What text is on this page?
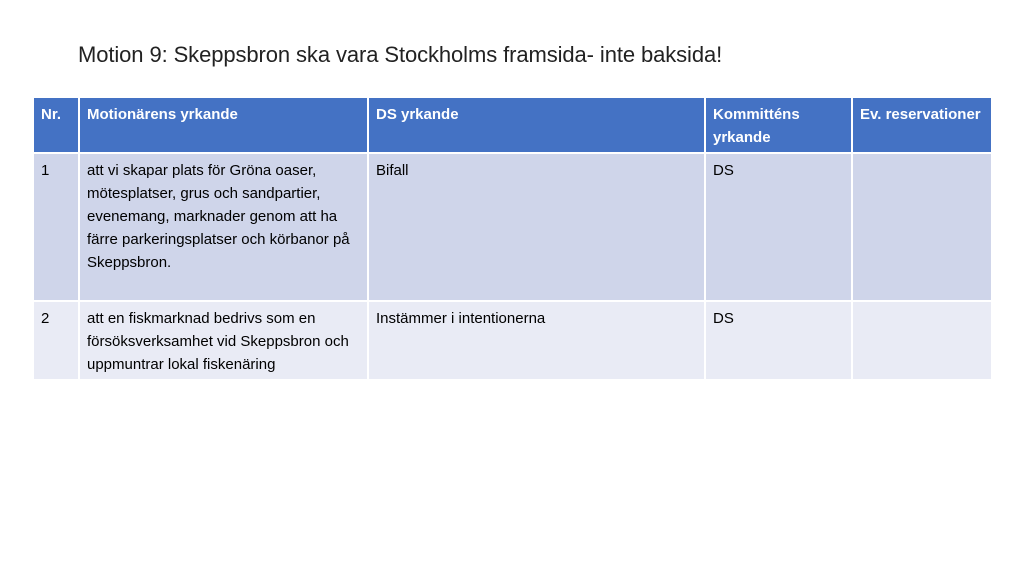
Motion 9: Skeppsbron ska vara Stockholms framsida- inte baksida!
Nr.	Motionärens yrkande	DS yrkande	Kommitténs yrkande	Ev. reservationer
1	att vi skapar plats för Gröna oaser, mötesplatser, grus och sandpartier, evenemang, marknader genom att ha färre parkeringsplatser och körbanor på Skeppsbron.	Bifall	DS	
2	att en fiskmarknad bedrivs som en försöksverksamhet vid Skeppsbron och uppmuntrar lokal fiskenäring	Instämmer i intentionerna	DS	
